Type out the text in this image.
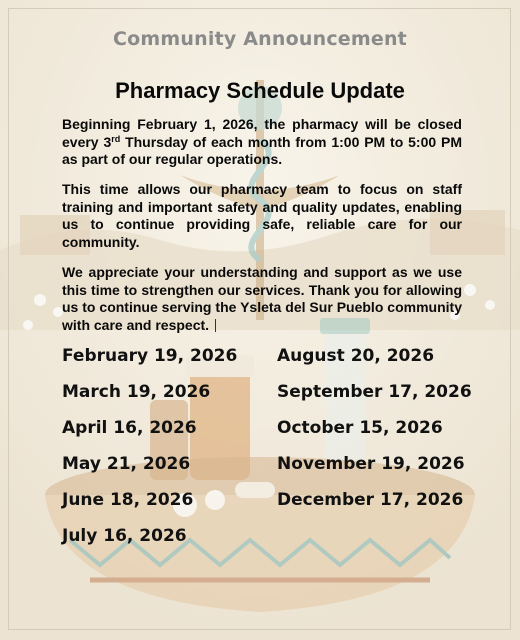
Community Announcement
Pharmacy Schedule Update
Beginning February 1, 2026, the pharmacy will be closed every 3rd Thursday of each month from 1:00 PM to 5:00 PM as part of our regular operations.
This time allows our pharmacy team to focus on staff training and important safety and quality updates, enabling us to continue providing safe, reliable care for our community.
We appreciate your understanding and support as we use this time to strengthen our services. Thank you for allowing us to continue serving the Ysleta del Sur Pueblo community with care and respect.
February 19, 2026	August 20, 2026
March 19, 2026	September 17, 2026
April 16, 2026	October 15, 2026
May 21, 2026	November 19, 2026
June 18, 2026	December 17, 2026
July 16, 2026
